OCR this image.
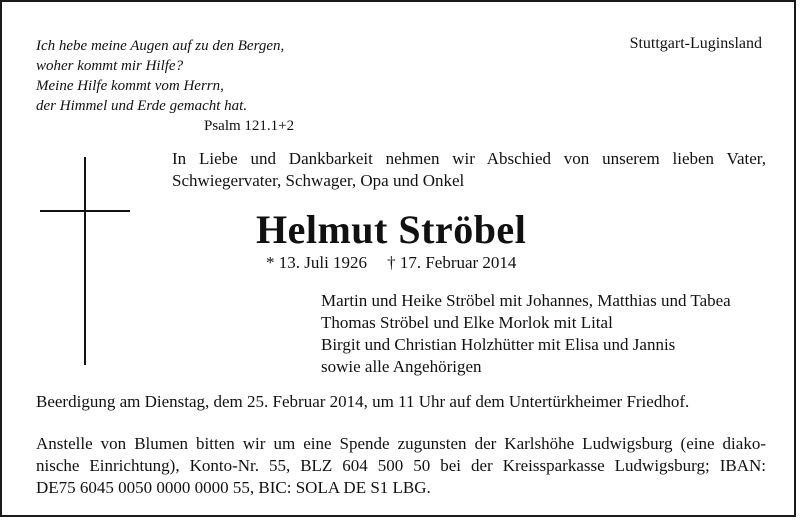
Ich hebe meine Augen auf zu den Bergen,
woher kommt mir Hilfe?
Meine Hilfe kommt vom Herrn,
der Himmel und Erde gemacht hat.
Psalm 121.1+2
Stuttgart-Luginsland
In Liebe und Dankbarkeit nehmen wir Abschied von unserem lieben Vater,
Schwiegervater, Schwager, Opa und Onkel
Helmut Ströbel
* 13. Juli 1926 † 17. Februar 2014
Martin und Heike Ströbel mit Johannes, Matthias und Tabea
Thomas Ströbel und Elke Morlok mit Lital
Birgit und Christian Holzhütter mit Elisa und Jannis
sowie alle Angehörigen
Beerdigung am Dienstag, dem 25. Februar 2014, um 11 Uhr auf dem Untertürkheimer Friedhof.
Anstelle von Blumen bitten wir um eine Spende zugunsten der Karlshöhe Ludwigsburg (eine diako-
nische Einrichtung), Konto-Nr. 55, BLZ 604 500 50 bei der Kreissparkasse Ludwigsburg; IBAN:
DE75 6045 0050 0000 0000 55, BIC: SOLA DE S1 LBG.
